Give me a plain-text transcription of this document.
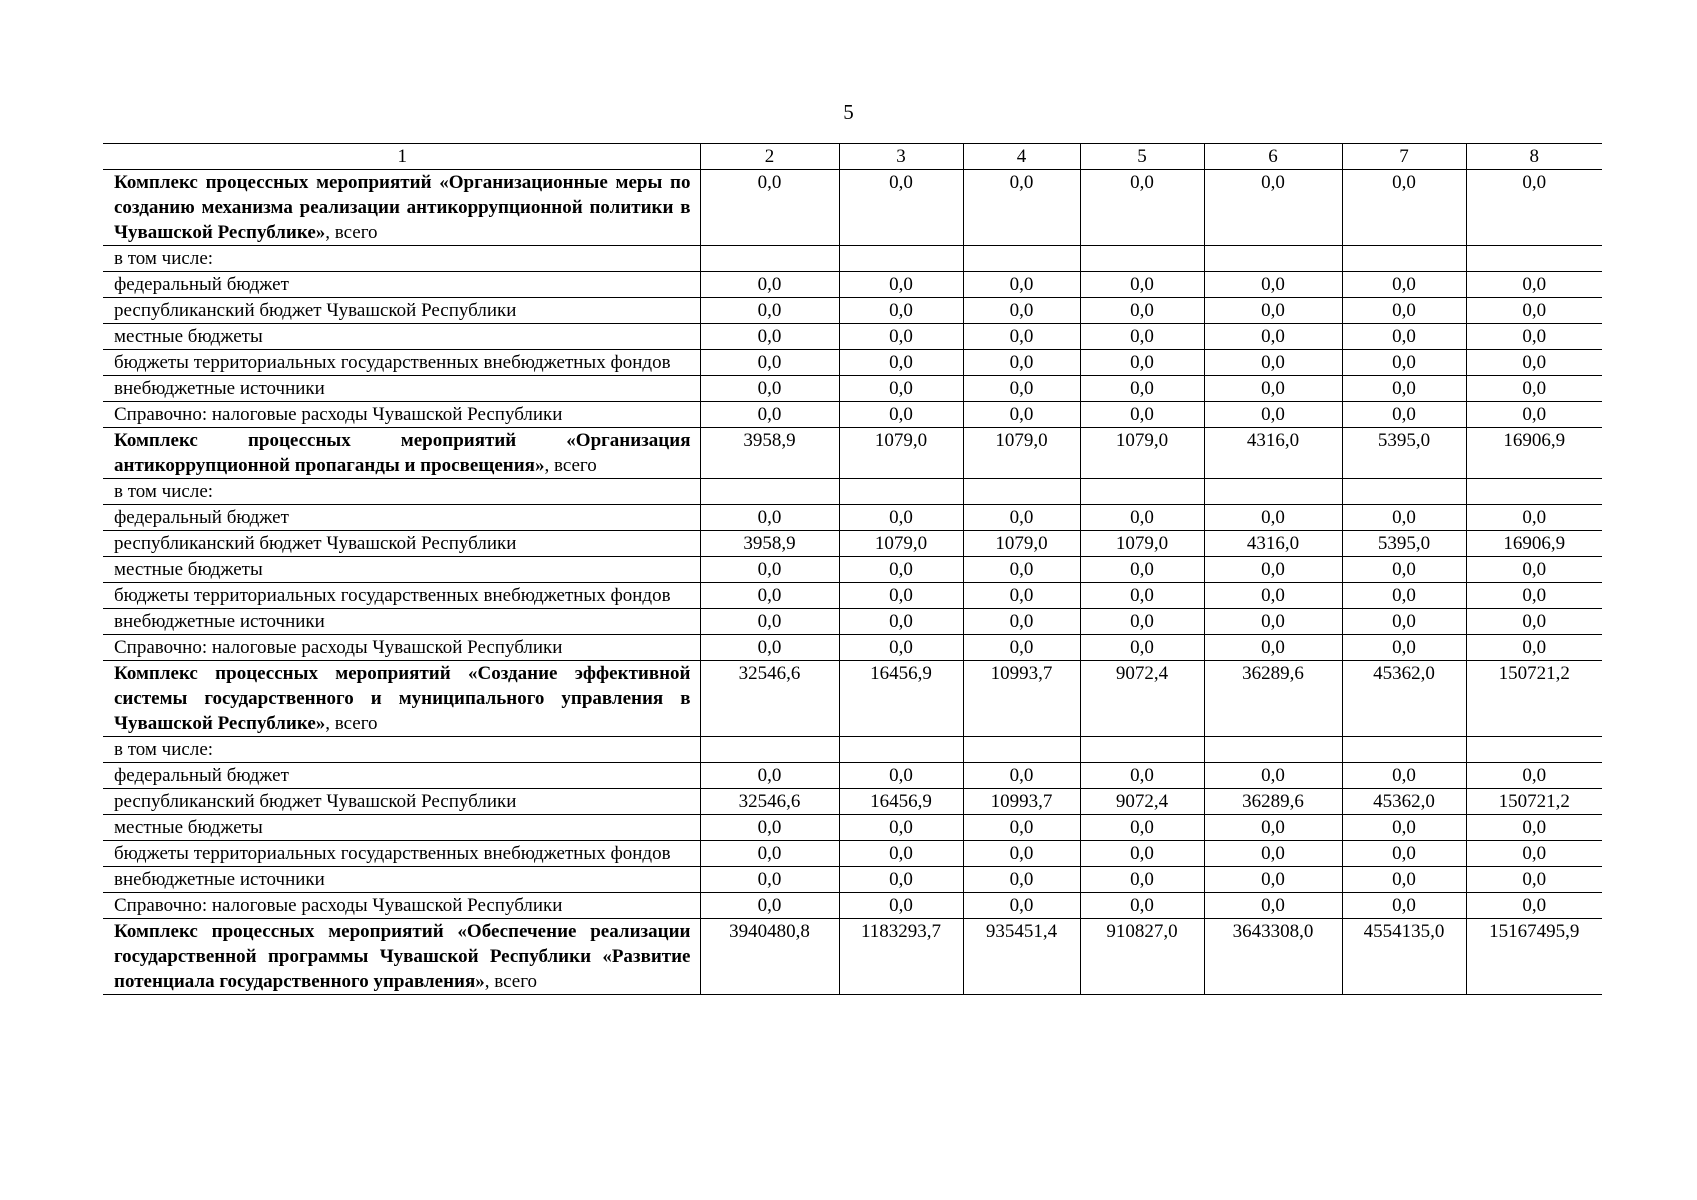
5
1	2	3	4	5	6	7	8
Комплекс процессных мероприятий «Организационные меры по созданию механизма реализации антикоррупционной политики в Чувашской Республике», всего	0,0	0,0	0,0	0,0	0,0	0,0	0,0
в том числе:							
федеральный бюджет	0,0	0,0	0,0	0,0	0,0	0,0	0,0
республиканский бюджет Чувашской Республики	0,0	0,0	0,0	0,0	0,0	0,0	0,0
местные бюджеты	0,0	0,0	0,0	0,0	0,0	0,0	0,0
бюджеты территориальных государственных внебюджетных фондов	0,0	0,0	0,0	0,0	0,0	0,0	0,0
внебюджетные источники	0,0	0,0	0,0	0,0	0,0	0,0	0,0
Справочно: налоговые расходы Чувашской Республики	0,0	0,0	0,0	0,0	0,0	0,0	0,0
Комплекс процессных мероприятий «Организация антикоррупционной пропаганды и просвещения», всего	3958,9	1079,0	1079,0	1079,0	4316,0	5395,0	16906,9
в том числе:							
федеральный бюджет	0,0	0,0	0,0	0,0	0,0	0,0	0,0
республиканский бюджет Чувашской Республики	3958,9	1079,0	1079,0	1079,0	4316,0	5395,0	16906,9
местные бюджеты	0,0	0,0	0,0	0,0	0,0	0,0	0,0
бюджеты территориальных государственных внебюджетных фондов	0,0	0,0	0,0	0,0	0,0	0,0	0,0
внебюджетные источники	0,0	0,0	0,0	0,0	0,0	0,0	0,0
Справочно: налоговые расходы Чувашской Республики	0,0	0,0	0,0	0,0	0,0	0,0	0,0
Комплекс процессных мероприятий «Создание эффективной системы государственного и муниципального управления в Чувашской Республике», всего	32546,6	16456,9	10993,7	9072,4	36289,6	45362,0	150721,2
в том числе:							
федеральный бюджет	0,0	0,0	0,0	0,0	0,0	0,0	0,0
республиканский бюджет Чувашской Республики	32546,6	16456,9	10993,7	9072,4	36289,6	45362,0	150721,2
местные бюджеты	0,0	0,0	0,0	0,0	0,0	0,0	0,0
бюджеты территориальных государственных внебюджетных фондов	0,0	0,0	0,0	0,0	0,0	0,0	0,0
внебюджетные источники	0,0	0,0	0,0	0,0	0,0	0,0	0,0
Справочно: налоговые расходы Чувашской Республики	0,0	0,0	0,0	0,0	0,0	0,0	0,0
Комплекс процессных мероприятий «Обеспечение реализации государственной программы Чувашской Республики «Развитие потенциала государственного управления», всего	3940480,8	1183293,7	935451,4	910827,0	3643308,0	4554135,0	15167495,9
